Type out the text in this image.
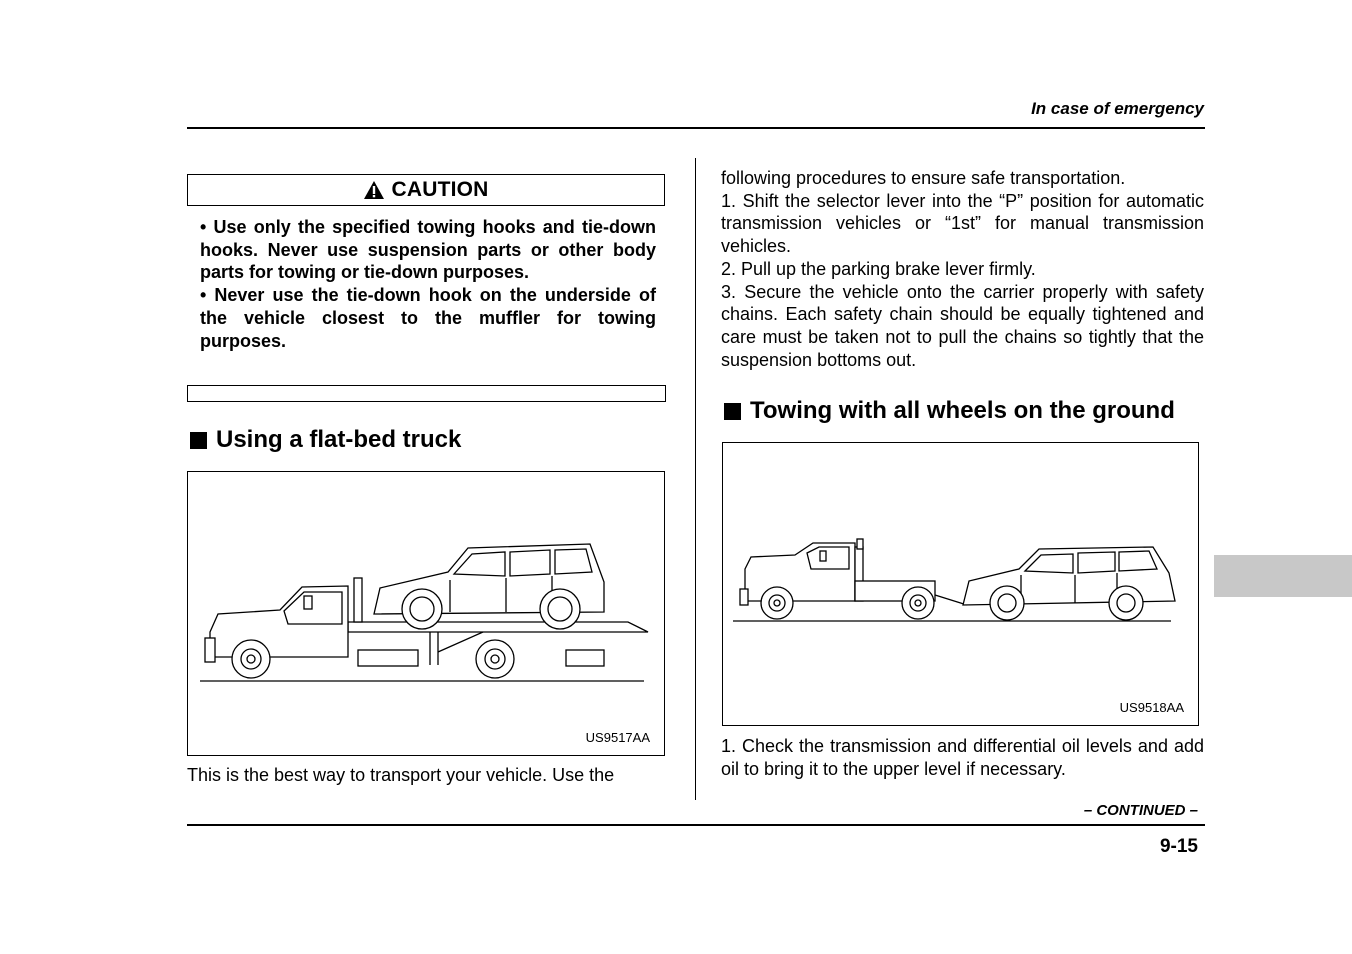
In case of emergency
CAUTION

• Use only the specified towing hooks and tie-down hooks. Never use suspension parts or other body parts for towing or tie-down purposes.

• Never use the tie-down hook on the underside of the vehicle closest to the muffler for towing purposes.

Using a flat-bed truck
US9517AA
This is the best way to transport your vehicle. Use the

following procedures to ensure safe transportation.

1. Shift the selector lever into the “P” position for automatic transmission vehicles or “1st” for manual transmission vehicles.

2. Pull up the parking brake lever firmly.

3. Secure the vehicle onto the carrier properly with safety chains. Each safety chain should be equally tightened and care must be taken not to pull the chains so tightly that the suspension bottoms out.

Towing with all wheels on the ground
US9518AA

1. Check the transmission and differential oil levels and add oil to bring it to the upper level if necessary.

– CONTINUED –
9-15
